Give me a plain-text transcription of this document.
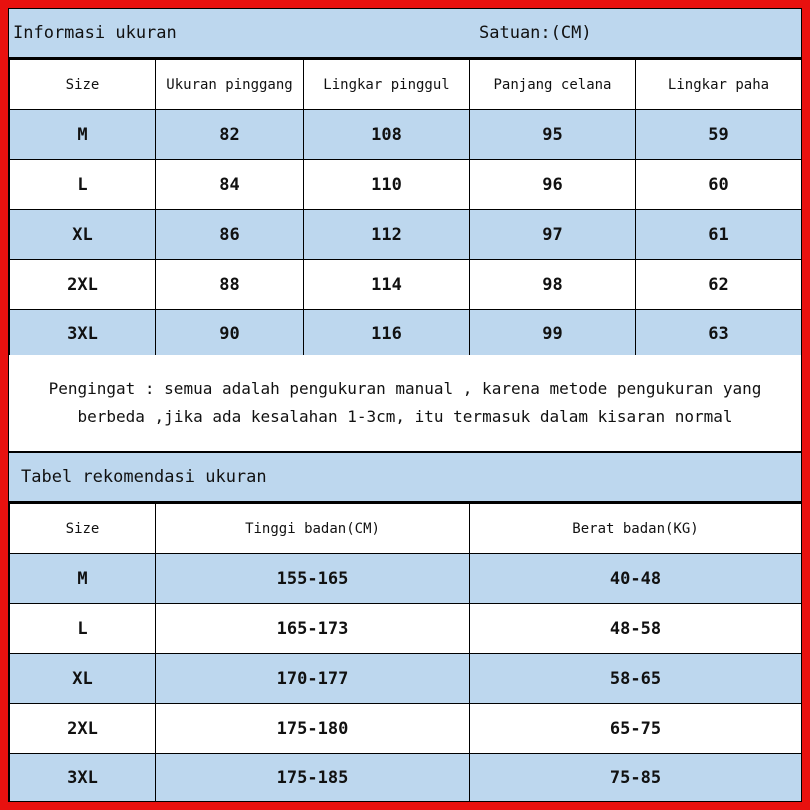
Informasi ukuran	Satuan:(CM)
Size	Ukuran pinggang	Lingkar pinggul	Panjang celana	Lingkar paha
M	82	108	95	59
L	84	110	96	60
XL	86	112	97	61
2XL	88	114	98	62
3XL	90	116	99	63
Pengingat : semua adalah pengukuran manual , karena metode pengukuran yang
berbeda ,jika ada kesalahan 1-3cm, itu termasuk dalam kisaran normal
Tabel rekomendasi ukuran
Size	Tinggi badan(CM)	Berat badan(KG)
M	155-165	40-48
L	165-173	48-58
XL	170-177	58-65
2XL	175-180	65-75
3XL	175-185	75-85
